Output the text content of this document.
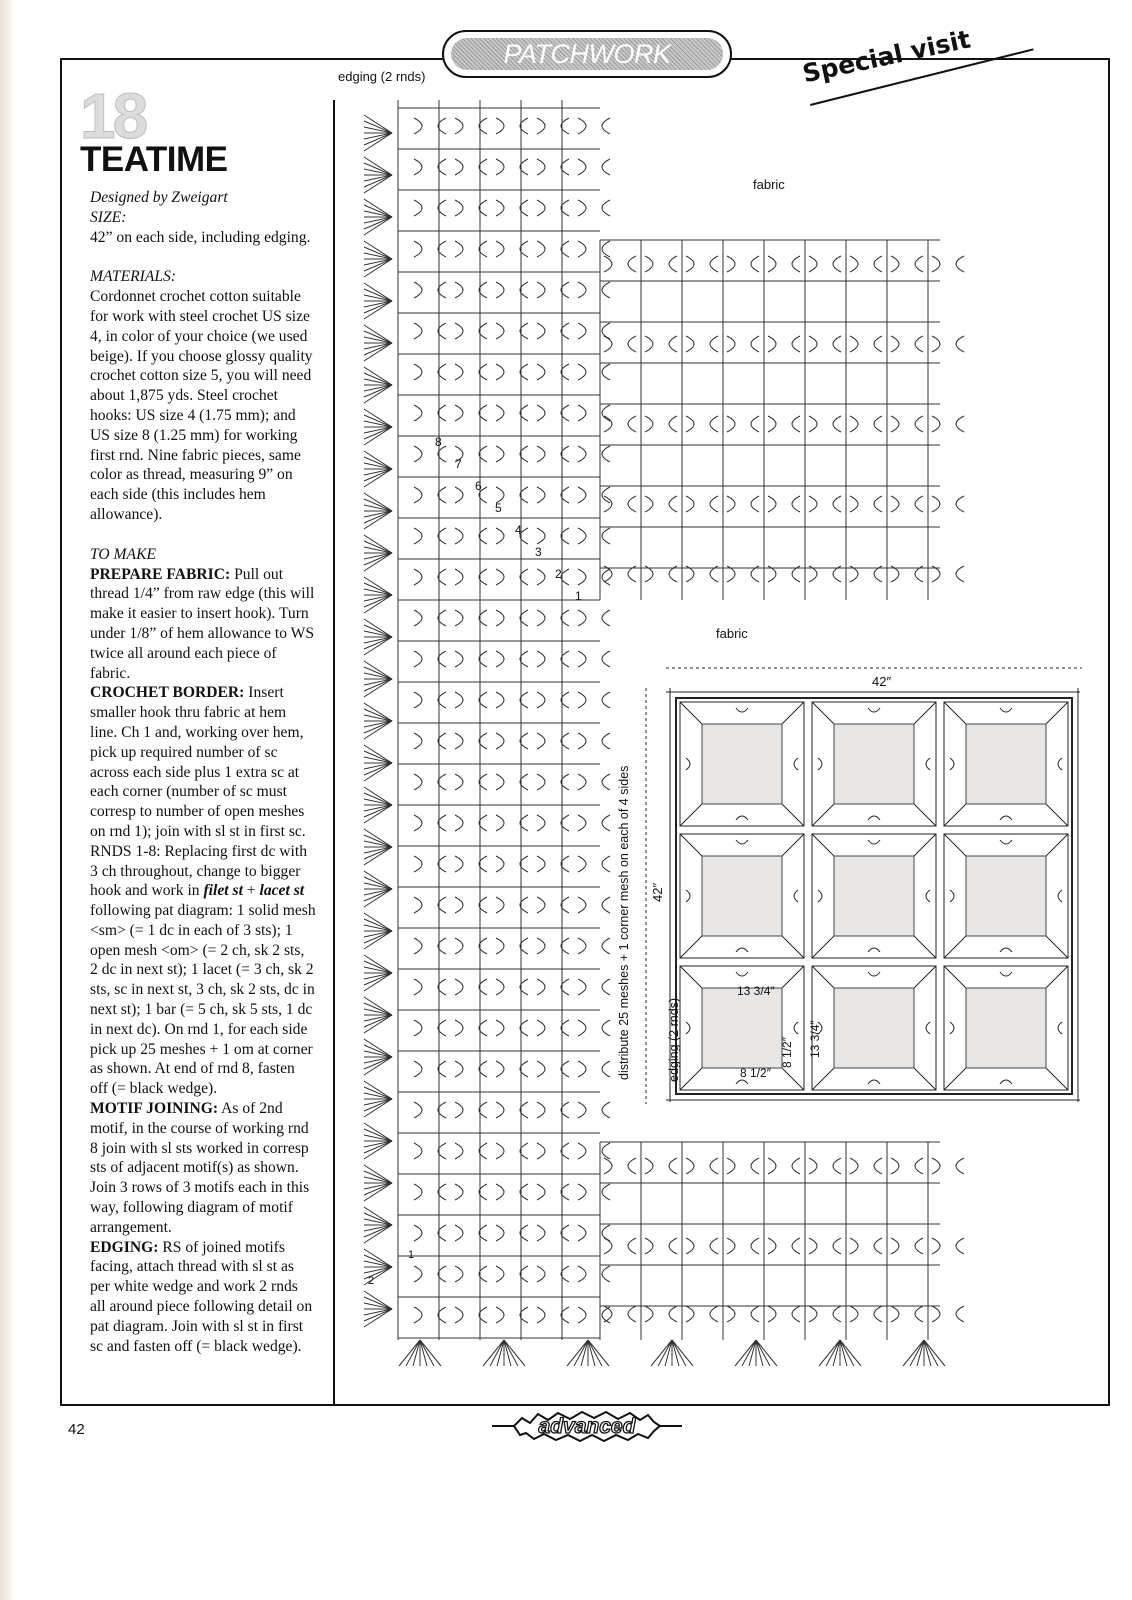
PATCHWORK	Special visit
18
TEATIME

Designed by Zweigart

SIZE:

42” on each side, including edging.

MATERIALS:

Cordonnet crochet cotton suitable for work with steel crochet US size 4, in color of your choice (we used beige). If you choose glossy quality crochet cotton size 5, you will need about 1,875 yds. Steel crochet hooks: US size 4 (1.75 mm); and US size 8 (1.25 mm) for working first rnd. Nine fabric pieces, same color as thread, measuring 9” on each side (this includes hem allowance).

TO MAKE

PREPARE FABRIC: Pull out thread 1/4” from raw edge (this will make it easier to insert hook). Turn under 1/8” of hem allowance to WS twice all around each piece of fabric.

CROCHET BORDER: Insert smaller hook thru fabric at hem line. Ch 1 and, working over hem, pick up required number of sc across each side plus 1 extra sc at each corner (number of sc must corresp to number of open meshes on rnd 1); join with sl st in first sc.

RNDS 1-8: Replacing first dc with 3 ch throughout, change to bigger hook and work in filet st + lacet st following pat diagram: 1 solid mesh <sm> (= 1 dc in each of 3 sts); 1 open mesh <om> (= 2 ch, sk 2 sts, 2 dc in next st); 1 lacet (= 3 ch, sk 2 sts, sc in next st, 3 ch, sk 2 sts, dc in next st); 1 bar (= 5 ch, sk 5 sts, 1 dc in next dc). On rnd 1, for each side pick up 25 meshes + 1 om at corner as shown. At end of rnd 8, fasten off (= black wedge).

MOTIF JOINING: As of 2nd motif, in the course of working rnd 8 join with sl sts worked in corresp sts of adjacent motif(s) as shown. Join 3 rows of 3 motifs each in this way, following diagram of motif arrangement.

EDGING: RS of joined motifs facing, attach thread with sl st as per white wedge and work 2 rnds all around piece following detail on pat diagram. Join with sl st in first sc and fasten off (= black wedge).

1
2
3
4
5
6
7
8
1
2
edging (2 rnds)
fabric
fabric
42″
42″
distribute 25 meshes + 1 corner mesh on each of 4 sides	edging (2 rnds)
13 3/4″
13 3/4″
8 1/2″
8 1/2″
42	advanced
